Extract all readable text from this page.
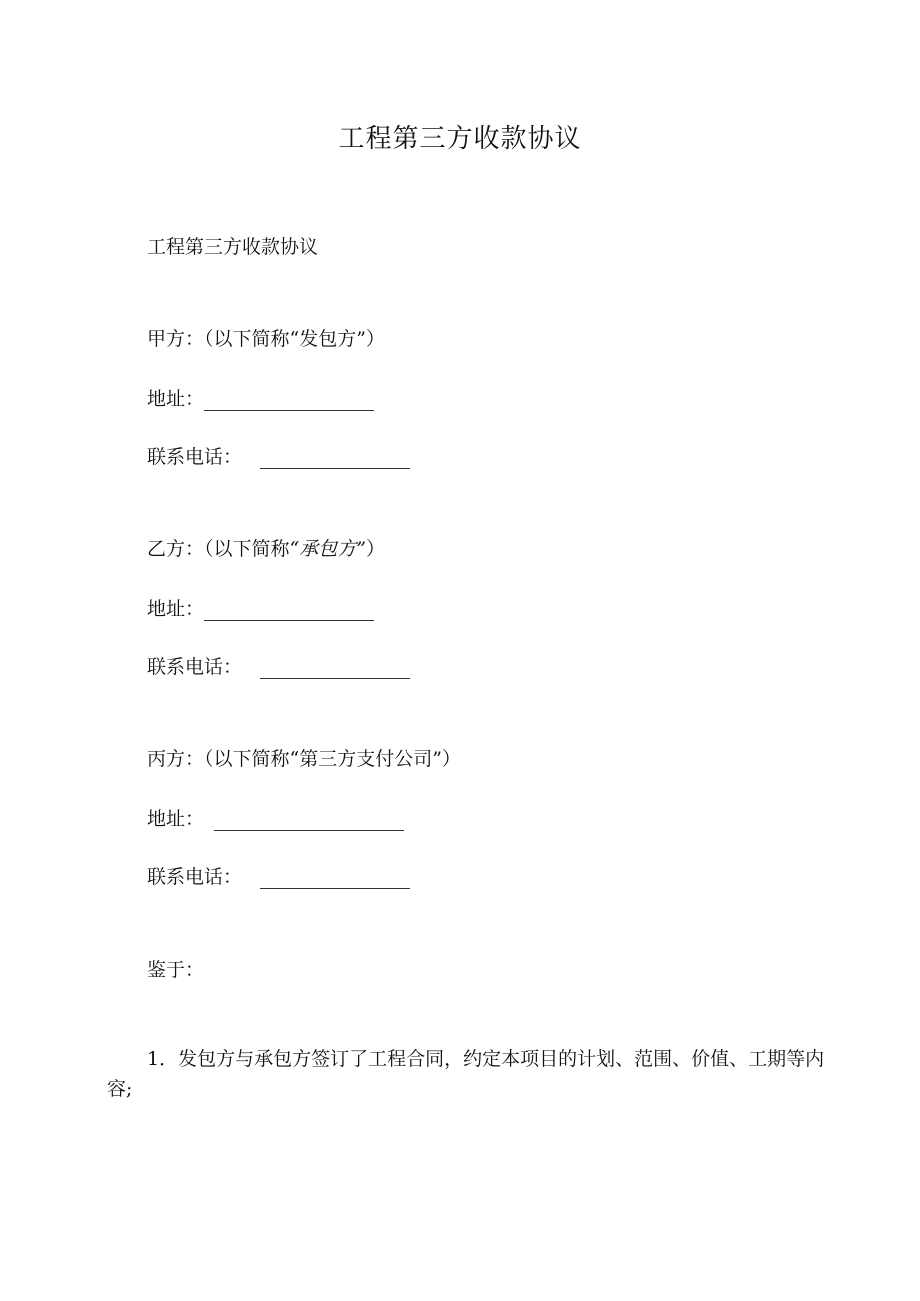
工程第三方收款协议
工程第三方收款协议
甲方：（以下简称“发包方”）
地址：
联系电话：
乙方：（以下简称“承包方”）
地址：
联系电话：
丙方：（以下简称“第三方支付公司”）
地址：
联系电话：
鉴于：
1．发包方与承包方签订了工程合同，约定本项目的计划、范围、价值、工期等内容;
